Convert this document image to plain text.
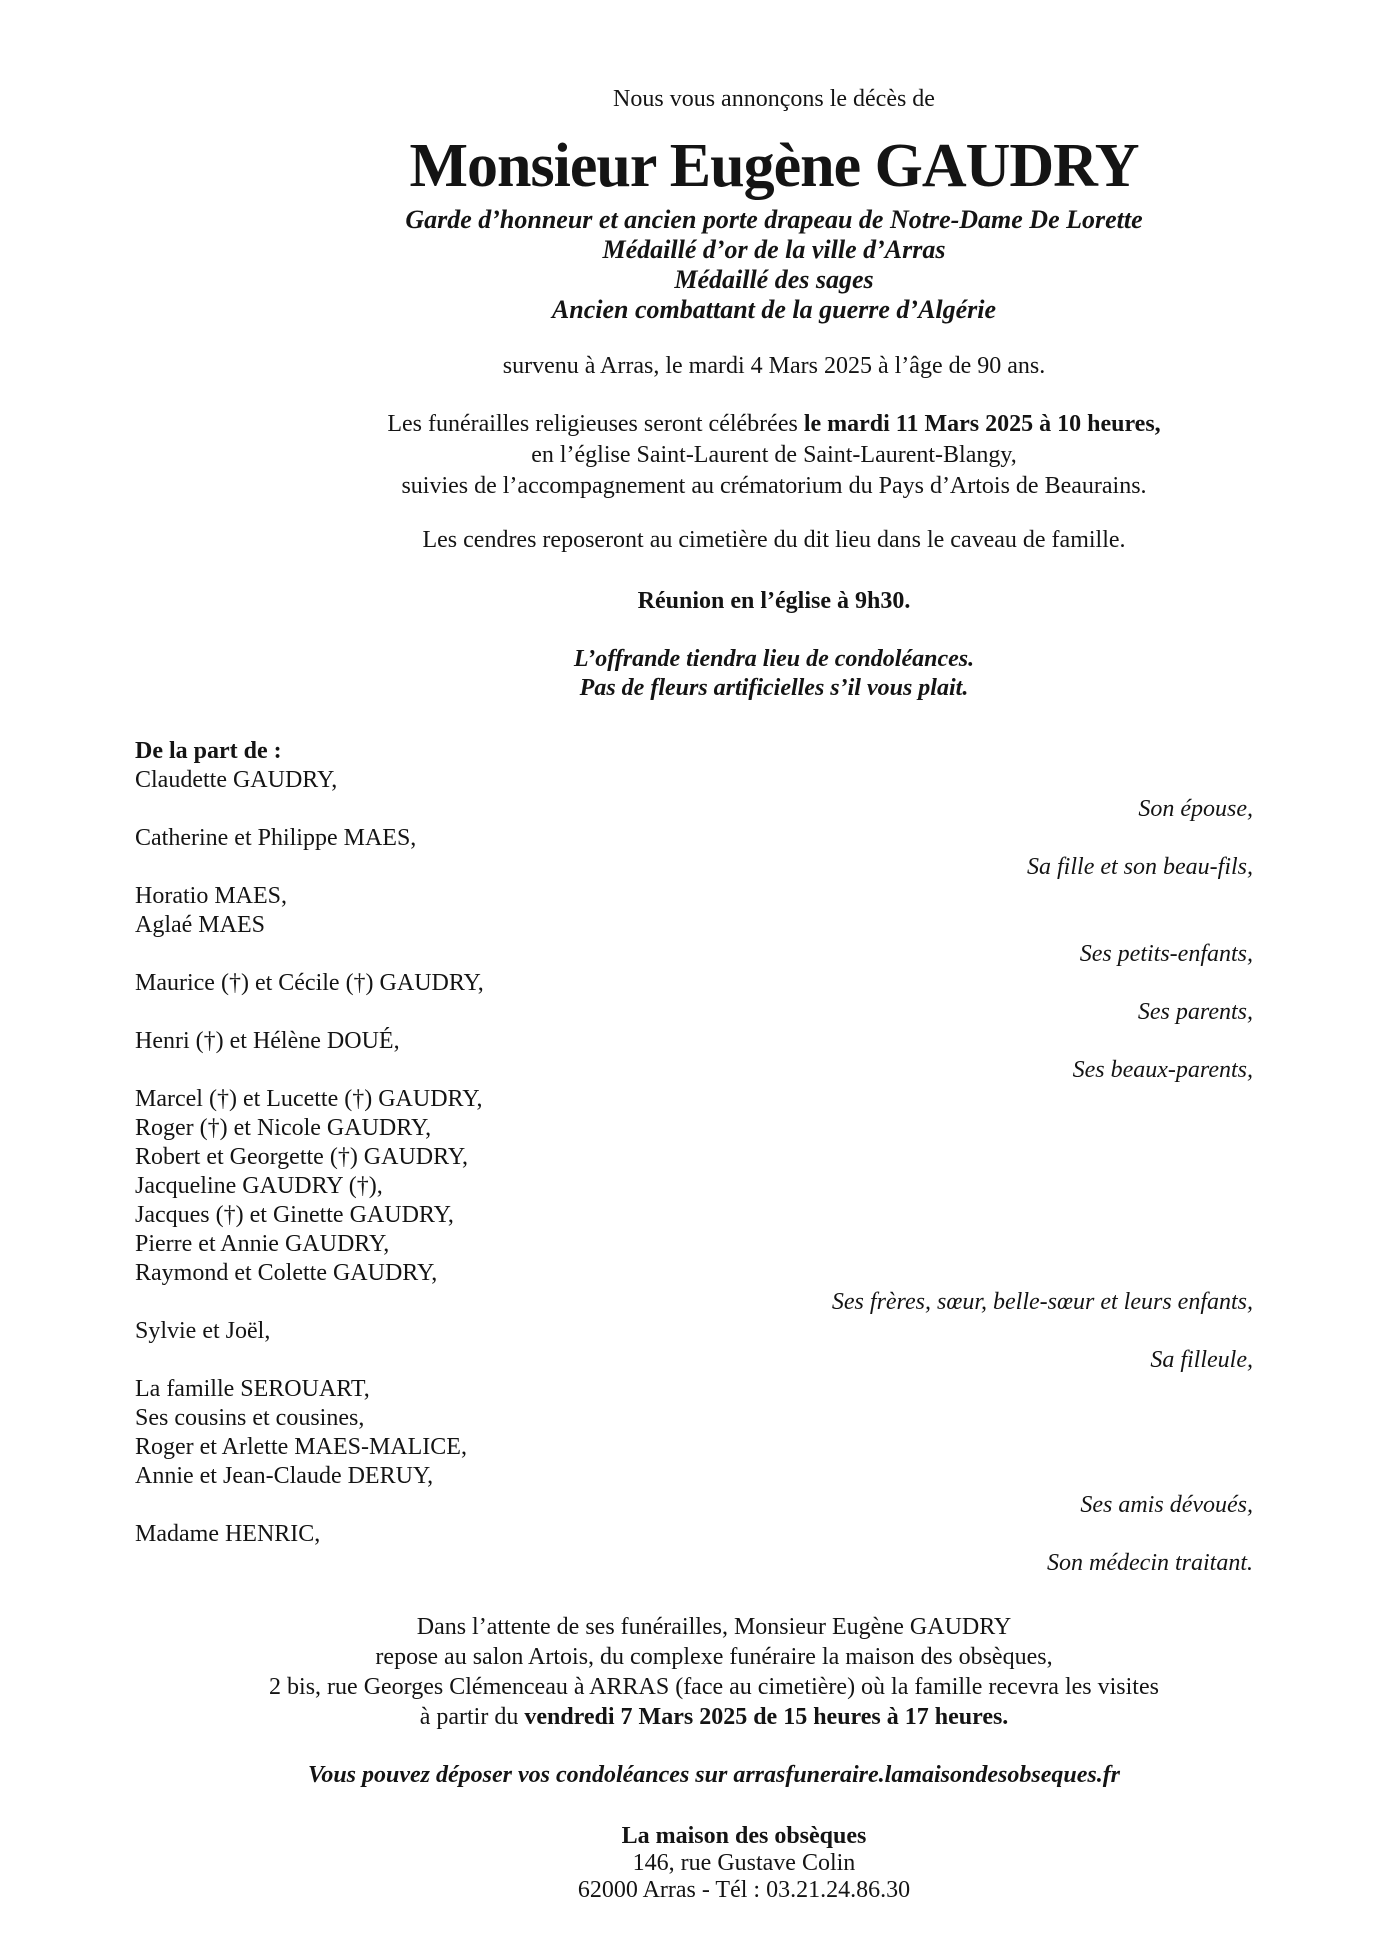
Nous vous annonçons le décès de
Monsieur Eugène GAUDRY
Garde d’honneur et ancien porte drapeau de Notre-Dame De Lorette
Médaillé d’or de la ville d’Arras
Médaillé des sages
Ancien combattant de la guerre d’Algérie
survenu à Arras, le mardi 4 Mars 2025 à l’âge de 90 ans.
Les funérailles religieuses seront célébrées le mardi 11 Mars 2025 à 10 heures,
en l’église Saint-Laurent de Saint-Laurent-Blangy,
suivies de l’accompagnement au crématorium du Pays d’Artois de Beaurains.
Les cendres reposeront au cimetière du dit lieu dans le caveau de famille.
Réunion en l’église à 9h30.
L’offrande tiendra lieu de condoléances.
Pas de fleurs artificielles s’il vous plait.
De la part de :
Claudette GAUDRY,
Son épouse,
Catherine et Philippe MAES,
Sa fille et son beau-fils,
Horatio MAES,
Aglaé MAES
Ses petits-enfants,
Maurice (†) et Cécile (†) GAUDRY,
Ses parents,
Henri (†) et Hélène DOUÉ,
Ses beaux-parents,
Marcel (†) et Lucette (†) GAUDRY,
Roger (†) et Nicole GAUDRY,
Robert et Georgette (†) GAUDRY,
Jacqueline GAUDRY (†),
Jacques (†) et Ginette GAUDRY,
Pierre et Annie GAUDRY,
Raymond et Colette GAUDRY,
Ses frères, sœur, belle-sœur et leurs enfants,
Sylvie et Joël,
Sa filleule,
La famille SEROUART,
Ses cousins et cousines,
Roger et Arlette MAES-MALICE,
Annie et Jean-Claude DERUY,
Ses amis dévoués,
Madame HENRIC,
Son médecin traitant.
Dans l’attente de ses funérailles, Monsieur Eugène GAUDRY
repose au salon Artois, du complexe funéraire la maison des obsèques,
2 bis, rue Georges Clémenceau à ARRAS (face au cimetière) où la famille recevra les visites
à partir du vendredi 7 Mars 2025 de 15 heures à 17 heures.
Vous pouvez déposer vos condoléances sur arrasfuneraire.lamaisondesobseques.fr
La maison des obsèques
146, rue Gustave Colin
62000 Arras - Tél : 03.21.24.86.30
